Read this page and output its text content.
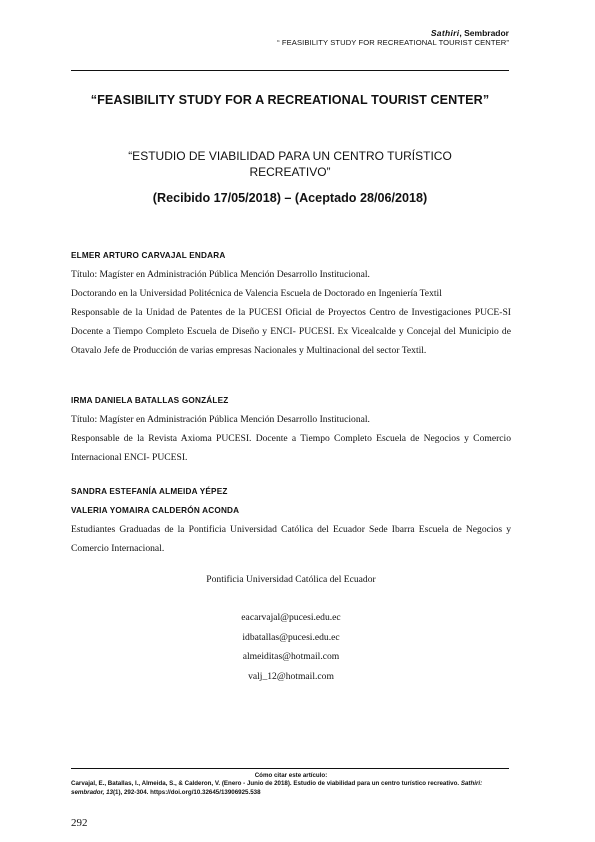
Sathiri, Sembrador
“ FEASIBILITY STUDY FOR RECREATIONAL TOURIST CENTER”
“FEASIBILITY STUDY FOR A RECREATIONAL TOURIST CENTER”
“ESTUDIO DE VIABILIDAD PARA UN CENTRO TURÍSTICO RECREATIVO”
(Recibido 17/05/2018) – (Aceptado 28/06/2018)
ELMER ARTURO CARVAJAL ENDARA
Título: Magíster en Administración Pública Mención Desarrollo Institucional.
Doctorando en la Universidad Politécnica de Valencia Escuela de Doctorado en Ingeniería Textil
Responsable de la Unidad de Patentes de la PUCESI Oficial de Proyectos Centro de Investigaciones PUCE-SI Docente a Tiempo Completo Escuela de Diseño y ENCI- PUCESI. Ex Vicealcalde y Concejal del Municipio de Otavalo Jefe de Producción de varias empresas Nacionales y Multinacional del sector Textil.
IRMA DANIELA BATALLAS GONZÁLEZ
Título: Magíster en Administración Pública Mención Desarrollo Institucional.
Responsable de la Revista Axioma PUCESI. Docente a Tiempo Completo Escuela de Negocios y Comercio Internacional ENCI- PUCESI.
SANDRA ESTEFANÍA ALMEIDA YÉPEZ
VALERIA YOMAIRA CALDERÓN ACONDA
Estudiantes Graduadas de la Pontificia Universidad Católica del Ecuador Sede Ibarra Escuela de Negocios y Comercio Internacional.
Pontificia Universidad Católica del Ecuador
eacarvajal@pucesi.edu.ec
idbatallas@pucesi.edu.ec
almeiditas@hotmail.com
valj_12@hotmail.com
Cómo citar este artículo:
Carvajal, E., Batallas, I., Almeida, S., & Calderon, V. (Enero - Junio de 2018). Estudio de viabilidad para un centro turístico recreativo. Sathiri: sembrador, 13(1), 292-304. https://doi.org/10.32645/13906925.538
292
